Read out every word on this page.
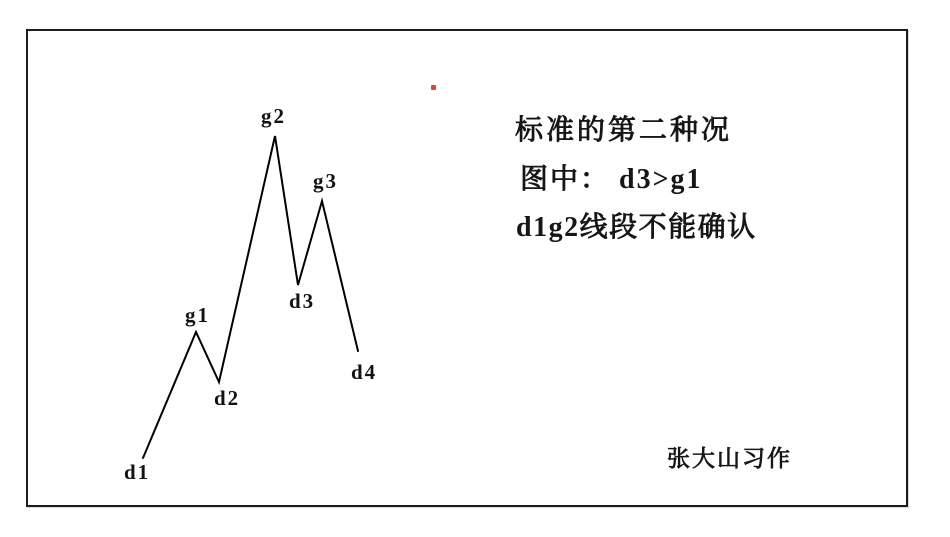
d1
g1
d2
g2
d3
g3
d4
标准的第二种况
图中： d3>g1
d1g2线段不能确认
张大山习作
